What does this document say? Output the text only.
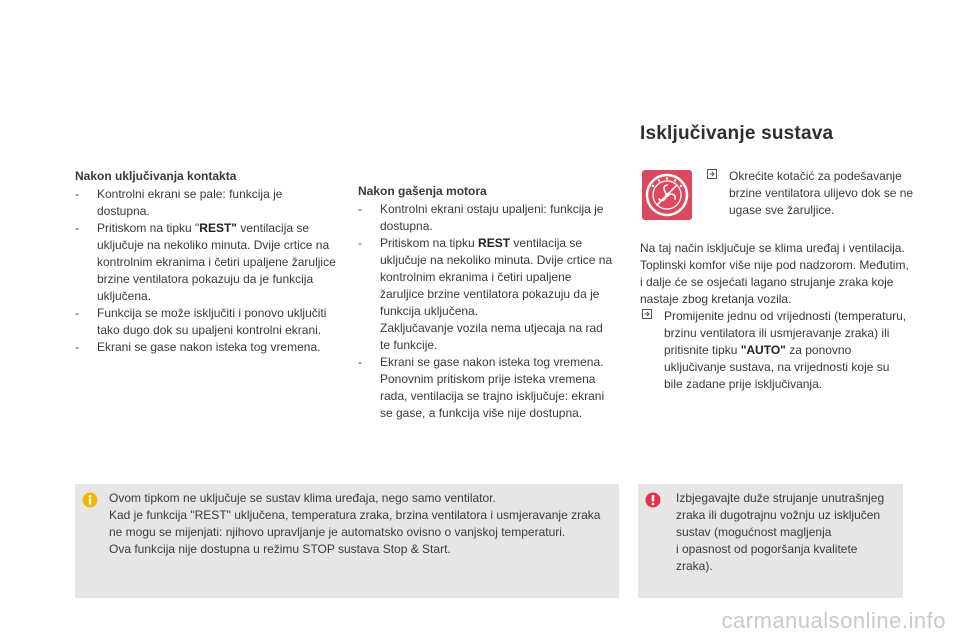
Nakon uključivanja kontakta
- Kontrolni ekrani se pale: funkcija je dostupna.
- Pritiskom na tipku "REST" ventilacija se uključuje na nekoliko minuta. Dvije crtice na kontrolnim ekranima i četiri upaljene žaruljice brzine ventilatora pokazuju da je funkcija uključena.
- Funkcija se može isključiti i ponovo uključiti tako dugo dok su upaljeni kontrolni ekrani.
- Ekrani se gase nakon isteka tog vremena.
Nakon gašenja motora
- Kontrolni ekrani ostaju upaljeni: funkcija je dostupna.
- Pritiskom na tipku REST ventilacija se uključuje na nekoliko minuta. Dvije crtice na kontrolnim ekranima i četiri upaljene žaruljice brzine ventilatora pokazuju da je funkcija uključena.
Zaključavanje vozila nema utjecaja na rad te funkcije.
- Ekrani se gase nakon isteka tog vremena.
Ponovnim pritiskom prije isteka vremena rada, ventilacija se trajno isključuje: ekrani se gase, a funkcija više nije dostupna.
Isključivanje sustava
Okrećite kotačić za podešavanje brzine ventilatora ulijevo dok se ne ugase sve žaruljice.

Na taj način isključuje se klima uređaj i ventilacija. Toplinski komfor više nije pod nadzorom. Međutim, i dalje će se osjećati lagano strujanje zraka koje nastaje zbog kretanja vozila.

Promijenite jednu od vrijednosti (temperaturu, brzinu ventilatora ili usmjeravanje zraka) ili pritisnite tipku "AUTO" za ponovno uključivanje sustava, na vrijednosti koje su bile zadane prije isključivanja.
Ovom tipkom ne uključuje se sustav klima uređaja, nego samo ventilator.
Kad je funkcija "REST" uključena, temperatura zraka, brzina ventilatora i usmjeravanje zraka ne mogu se mijenjati: njihovo upravljanje je automatsko ovisno o vanjskoj temperaturi.
Ova funkcija nije dostupna u režimu STOP sustava Stop & Start.
Izbjegavajte duže strujanje unutrašnjeg zraka ili dugotrajnu vožnju uz isključen sustav (mogućnost magljenja
i opasnost od pogoršanja kvalitete zraka).
carmanualsonline.info
